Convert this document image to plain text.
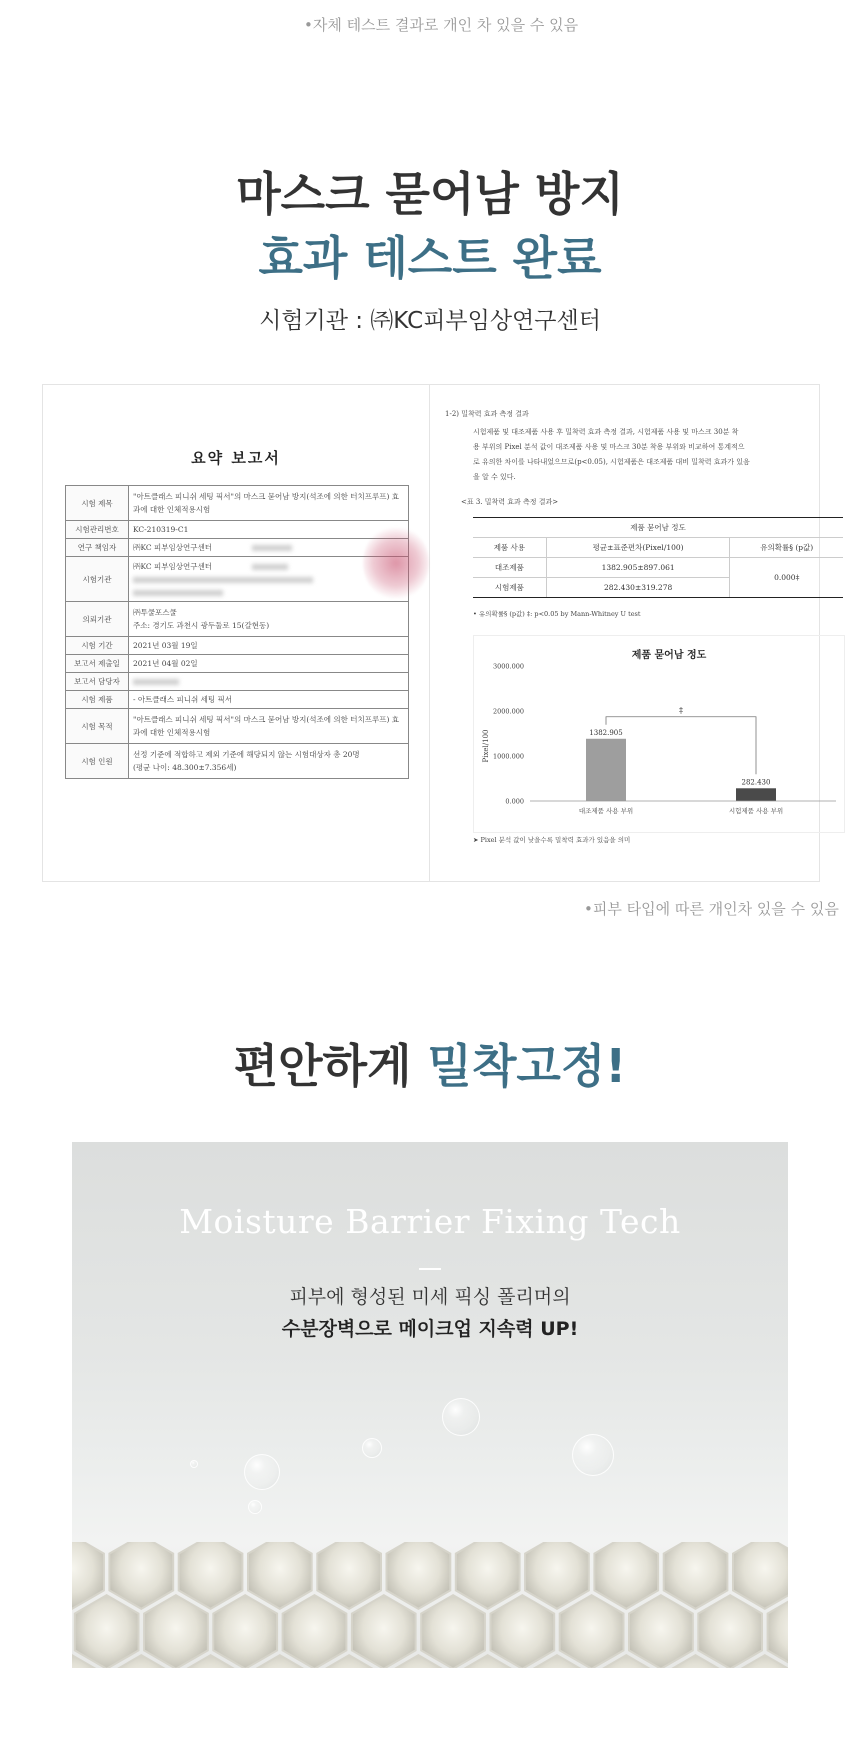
•자체 테스트 결과로 개인 차 있을 수 있음
마스크 묻어남 방지
효과 테스트 완료
시험기관 : ㈜KC피부임상연구센터
요약 보고서
시험 제목	"아트클래스 피니쉬 세팅 픽서"의 마스크 묻어남 방지(석조에 의한 터치프루프) 효과에 대한 인체적용시험
시험관리번호	KC-210319-C1
연구 책임자	㈜KC 피부임상연구센터
시험기관	㈜KC 피부임상연구센터

의뢰기관	㈜투쿨포스쿨
주소: 경기도 과천시 광두둘로 15(갈현동)
시험 기간	2021년 03월 19일
보고서 제출일	2021년 04월 02일
보고서 담당자	
시험 제품	- 아트클래스 피니쉬 세팅 픽서
시험 목적	"아트클래스 피니쉬 세팅 픽서"의 마스크 묻어남 방지(석조에 의한 터치프루프) 효과에 대한 인체적용시험
시험 인원	선정 기준에 적합하고 제외 기준에 해당되지 않는 시험대상자 총 20명
(평균 나이: 48.300±7.356세)
1-2) 밀착력 효과 측정 결과
시험제품 및 대조제품 사용 후 밀착력 효과 측정 결과, 시험제품 사용 및 마스크 30분 착
용 부위의 Pixel 분석 값이 대조제품 사용 및 마스크 30분 착용 부위와 비교하여 통계적으
로 유의한 차이를 나타내었으므로(p<0.05), 시험제품은 대조제품 대비 밀착력 효과가 있음
을 알 수 있다.
<표 3. 밀착력 효과 측정 결과>
제품 묻어남 정도		
제품 사용	평균±표준편차(Pixel/100)	유의확률§ (p값)
대조제품	1382.905±897.061	0.000‡
시험제품	282.430±319.278	
• 유의확률§ (p값) ‡: p<0.05 by Mann-Whitney U test
제품 묻어남 정도
Pixel/100
0.000
1000.000
2000.000
3000.000
1382.905
대조제품 사용 부위
282.430
시험제품 사용 부위
‡
➤ Pixel 분석 값이 낮을수록 밀착력 효과가 있음을 의미
•피부 타입에 따른 개인차 있을 수 있음
편안하게 밀착고정!
Moisture Barrier Fixing Tech
피부에 형성된 미세 픽싱 폴리머의
수분장벽으로 메이크업 지속력 UP!
